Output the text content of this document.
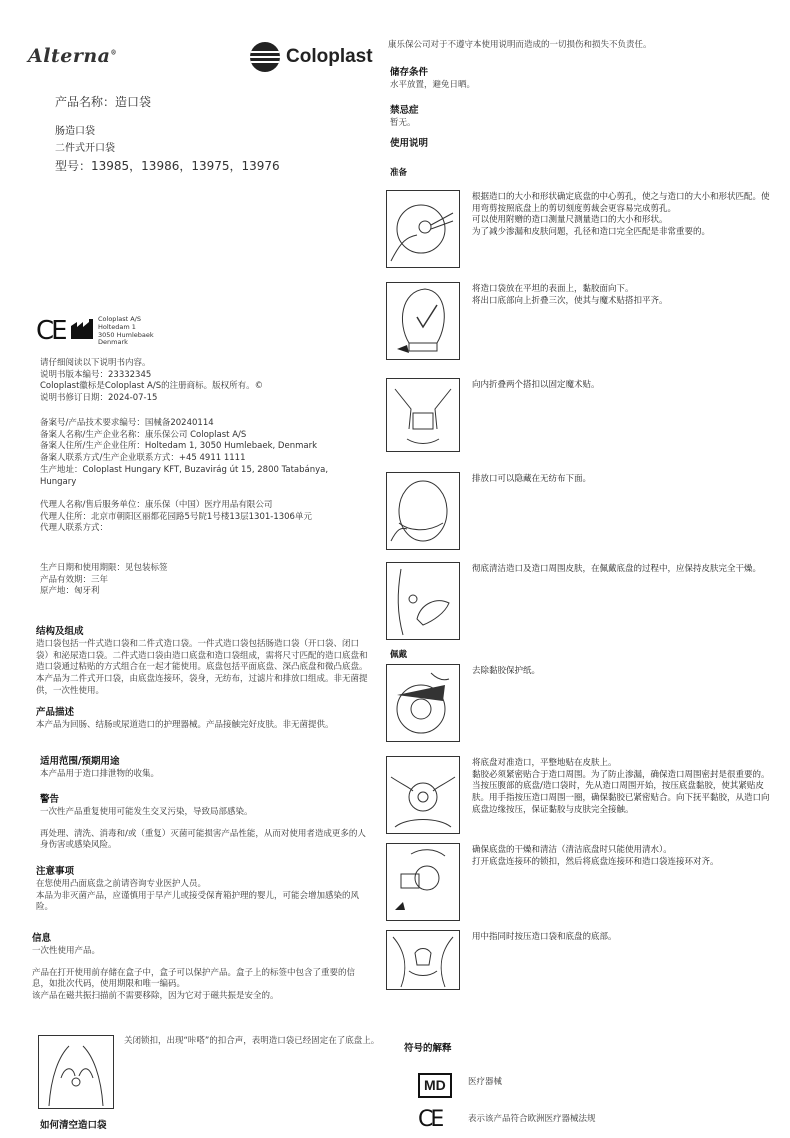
Alterna®	Coloplast
产品名称：造口袋
肠造口袋
二件式开口袋
型号：13985，13986，13975，13976
CE	Coloplast A/S
Holtedam 1
3050 Humlebaek
Denmark
请仔细阅读以下说明书内容。
说明书版本编号：23332345
Coloplast徽标是Coloplast A/S的注册商标。版权所有。©
说明书修订日期：2024-07-15
备案号/产品技术要求编号：国械备20240114
备案人名称/生产企业名称：康乐保公司 Coloplast A/S
备案人住所/生产企业住所：Holtedam 1, 3050 Humlebaek, Denmark
备案人联系方式/生产企业联系方式：+45 4911 1111
生产地址：Coloplast Hungary KFT, Buzavirág út 15, 2800 Tatabánya,
Hungary
代理人名称/售后服务单位：康乐保（中国）医疗用品有限公司
代理人住所：北京市朝阳区丽都花园路5号院1号楼13层1301-1306单元
代理人联系方式：
生产日期和使用期限：见包装标签
产品有效期：三年
原产地：匈牙利
结构及组成
造口袋包括一件式造口袋和二件式造口袋。一件式造口袋包括肠造口袋（开口袋、闭口袋）和泌尿造口袋。二件式造口袋由造口底盘和造口袋组成，需将尺寸匹配的造口底盘和造口袋通过粘贴的方式组合在一起才能使用。底盘包括平面底盘、深凸底盘和微凸底盘。本产品为二件式开口袋，由底盘连接环，袋身，无纺布，过滤片和排放口组成。非无菌提供，一次性使用。
产品描述
本产品为回肠、结肠或尿道造口的护理器械。产品接触完好皮肤。非无菌提供。
适用范围/预期用途
本产品用于造口排泄物的收集。
警告
一次性产品重复使用可能发生交叉污染，导致局部感染。
再处理、清洗、消毒和/或（重复）灭菌可能损害产品性能，从而对使用者造成更多的人身伤害或感染风险。
注意事项
在您使用凸面底盘之前请咨询专业医护人员。
本品为非灭菌产品，应谨慎用于早产儿或接受保育箱护理的婴儿，可能会增加感染的风险。
信息
一次性使用产品。
产品在打开使用前存储在盒子中，盒子可以保护产品。盒子上的标签中包含了重要的信息，如批次代码，使用期限和唯一编码。
该产品在磁共振扫描前不需要移除，因为它对于磁共振是安全的。
关闭锁扣，出现“咔嗒”的扣合声，表明造口袋已经固定在了底盘上。
如何清空造口袋
康乐保公司对于不遵守本使用说明而造成的一切损伤和损失不负责任。
储存条件
水平放置，避免日晒。
禁忌症
暂无。
使用说明
准备
根据造口的大小和形状确定底盘的中心剪孔，使之与造口的大小和形状匹配。使用弯剪按照底盘上的剪切刻度剪裁会更容易完成剪孔。
可以使用附赠的造口测量尺测量造口的大小和形状。
为了减少渗漏和皮肤问题，孔径和造口完全匹配是非常重要的。
将造口袋放在平坦的表面上，黏胶面向下。
将出口底部向上折叠三次，使其与魔术贴搭扣平齐。
向内折叠两个搭扣以固定魔术贴。
排放口可以隐藏在无纺布下面。
彻底清洁造口及造口周围皮肤，在佩戴底盘的过程中，应保持皮肤完全干燥。
佩戴
去除黏胶保护纸。
将底盘对准造口，平整地贴在皮肤上。
黏胶必须紧密贴合于造口周围。为了防止渗漏，确保造口周围密封是很重要的。当按压腹部的底盘/造口袋时，先从造口周围开始，按压底盘黏胶，使其紧贴皮肤。用手指按压造口周围一圈，确保黏胶已紧密贴合。向下抚平黏胶，从造口向底盘边缘按压，保证黏胶与皮肤完全接触。
确保底盘的干燥和清洁（清洁底盘时只能使用清水）。
打开底盘连接环的锁扣，然后将底盘连接环和造口袋连接环对齐。
用中指同时按压造口袋和底盘的底部。
符号的解释
MD	医疗器械
CE	表示该产品符合欧洲医疗器械法规
